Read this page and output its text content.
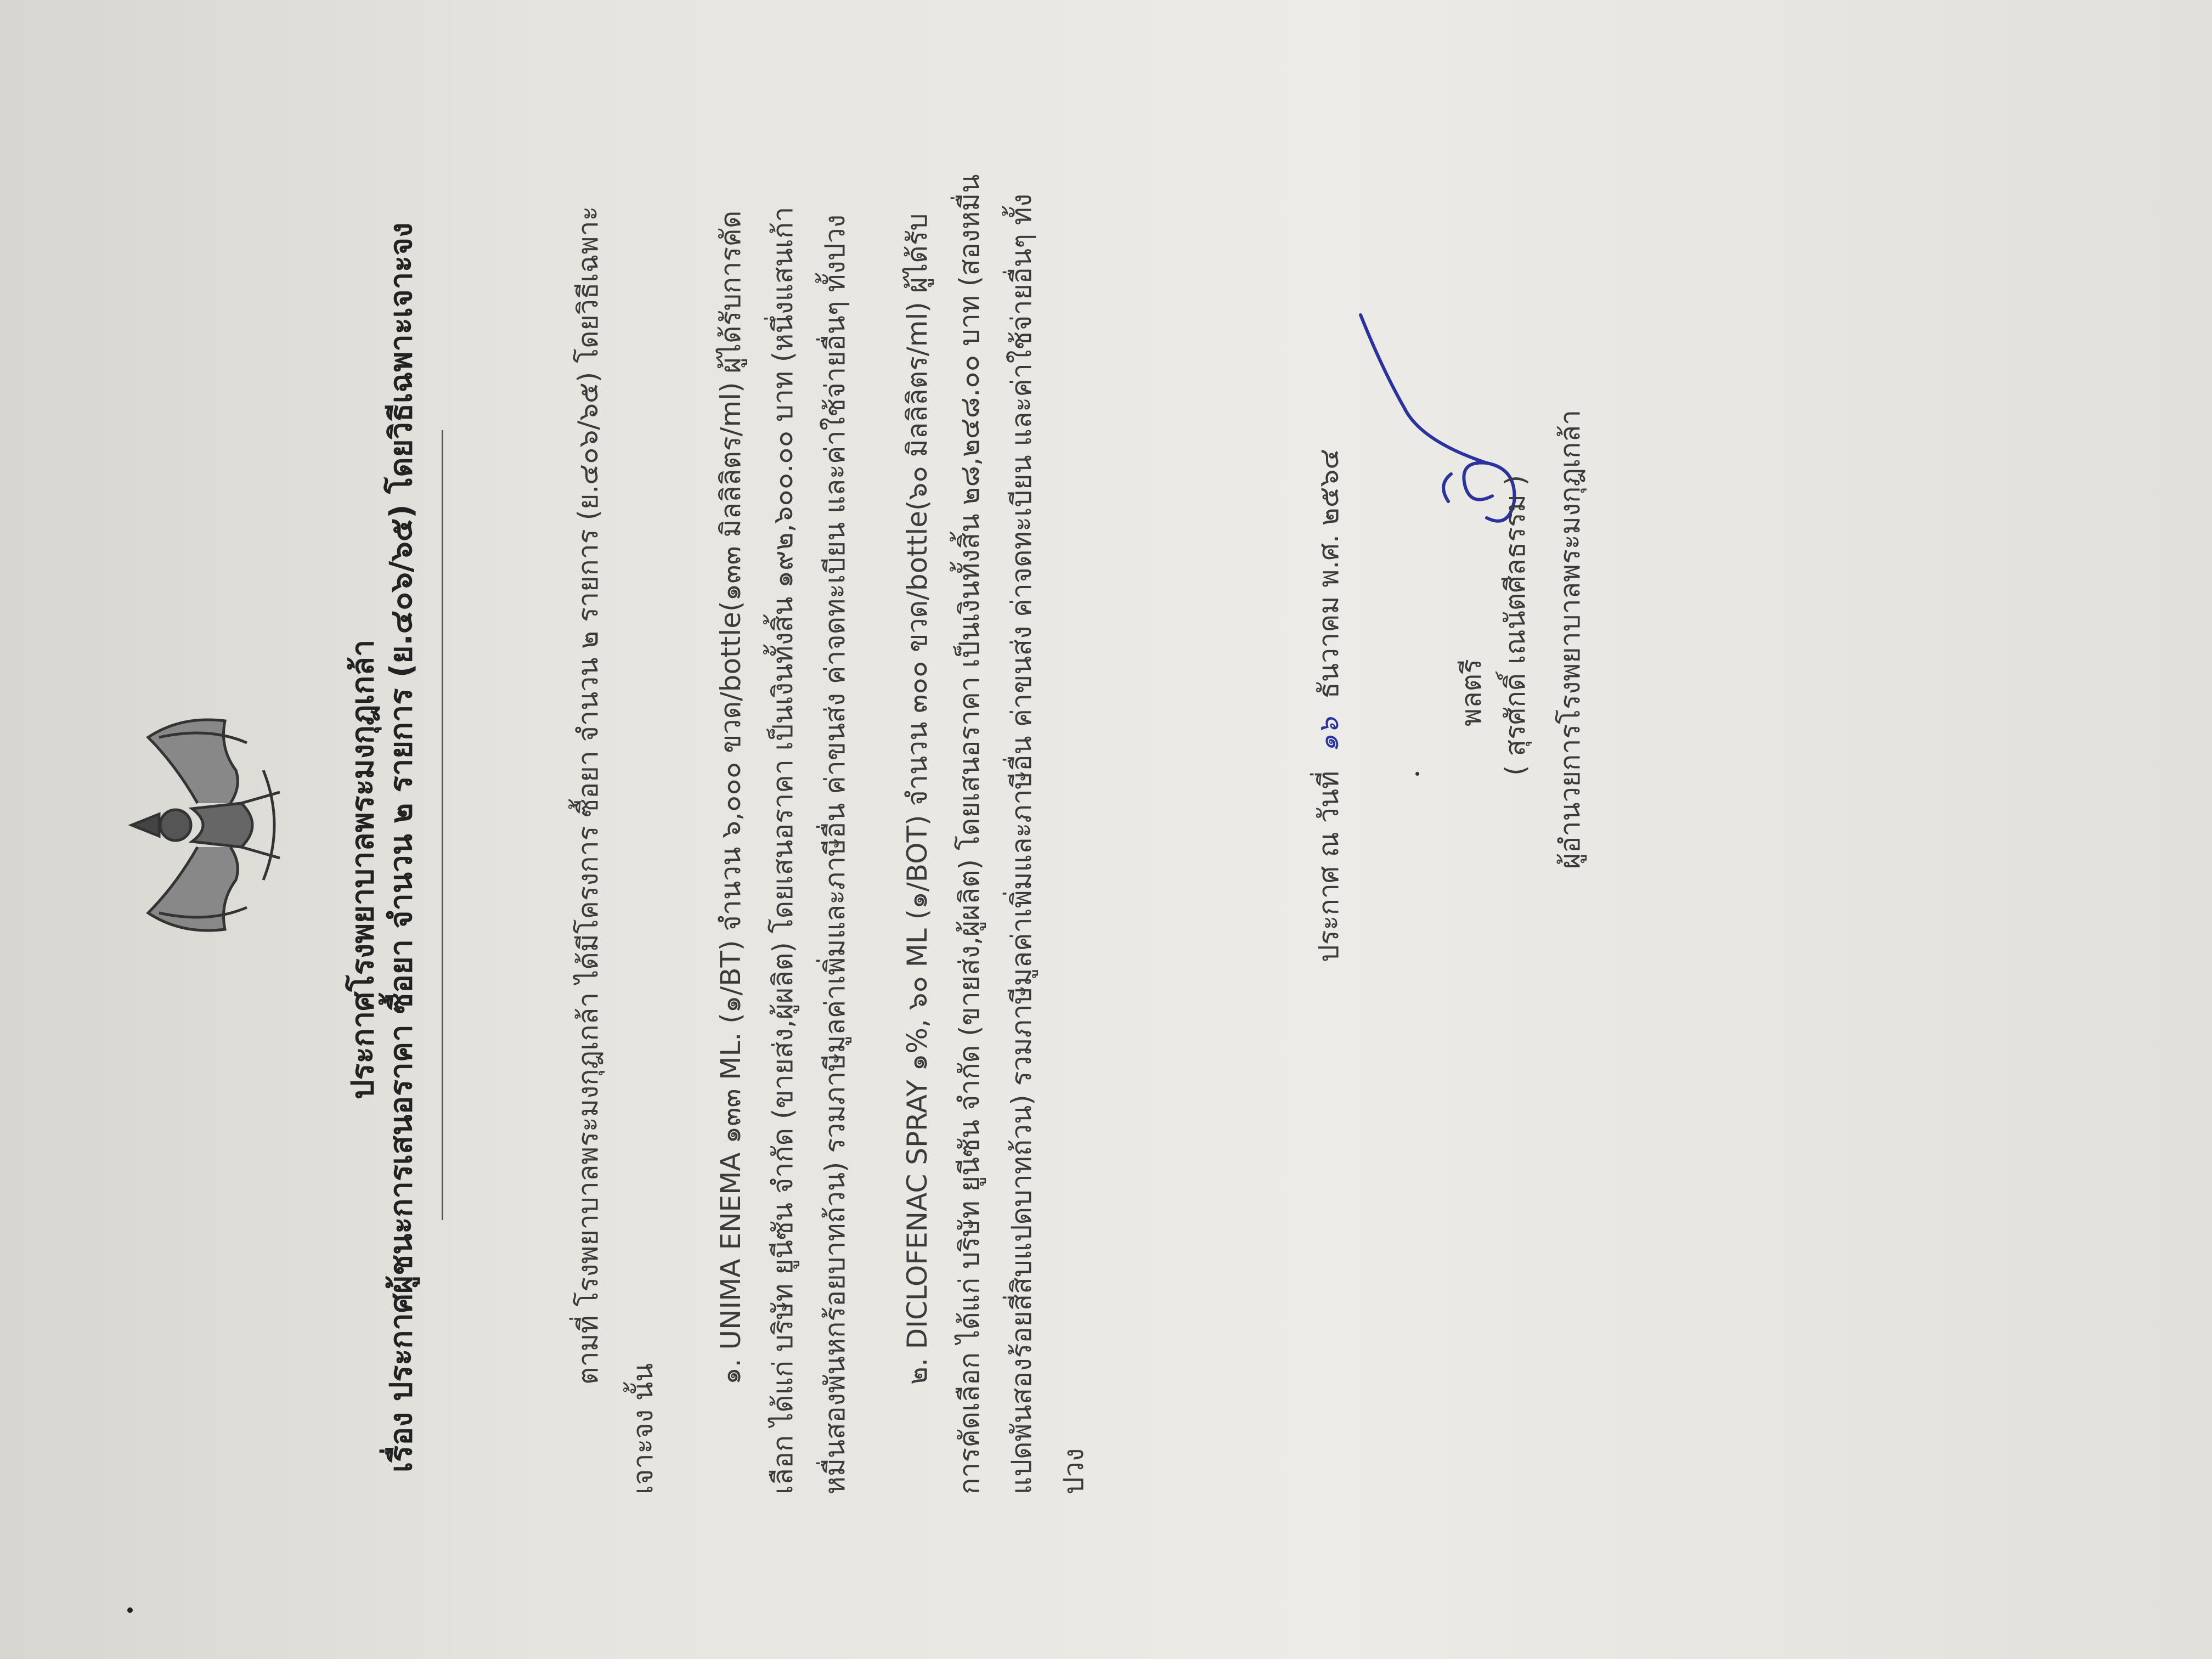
ประกาศโรงพยาบาลพระมงกุฎเกล้า
เรื่อง ประกาศผู้ชนะการเสนอราคา ซื้อยา จำนวน ๒ รายการ (ย.๔๐๖/๖๕) โดยวิธีเฉพาะเจาะจง	ตามที่ โรงพยาบาลพระมงกุฎเกล้า ได้มีโครงการ ซื้อยา จำนวน ๒ รายการ (ย.๔๐๖/๖๕) โดยวิธีเฉพาะ
เจาะจง นั้น
๑. UNIMA ENEMA ๑๓๓ ML. (๑/BT) จำนวน ๖,๐๐๐ ขวด/bottle(๑๓๓ มิลลิลิตร/ml) ผู้ได้รับการคัด เลือก ได้แก่ บริษัท ยูนีซัน จำกัด (ขายส่ง,ผู้ผลิต) โดยเสนอราคา เป็นเงินทั้งสิ้น ๑๙๒,๖๐๐.๐๐ บาท (หนึ่งแสนเก้า หมื่นสองพันหกร้อยบาทถ้วน) รวมภาษีมูลค่าเพิ่มและภาษีอื่น ค่าขนส่ง ค่าจดทะเบียน และค่าใช้จ่ายอื่นๆ ทั้งปวง ๒. DICLOFENAC SPRAY ๑%, ๖๐ ML (๑/BOT) จำนวน ๓๐๐ ขวด/bottle(๖๐ มิลลิลิตร/ml) ผู้ได้รับ การคัดเลือก ได้แก่ บริษัท ยูนีซัน จำกัด (ขายส่ง,ผู้ผลิต) โดยเสนอราคา เป็นเงินทั้งสิ้น ๒๘,๒๔๘.๐๐ บาท (สองหมื่น แปดพันสองร้อยสี่สิบแปดบาทถ้วน) รวมภาษีมูลค่าเพิ่มและภาษีอื่น ค่าขนส่ง ค่าจดทะเบียน และค่าใช้จ่ายอื่นๆ ทั้ง ปวง
ประกาศ ณ วันที่ ๑๖ ธันวาคม พ.ศ. ๒๕๖๔	พลตรี ( สุรศักดิ์ เณนัตศีลธรรม ) ผู้อำนวยการโรงพยาบาลพระมงกุฎเกล้า
